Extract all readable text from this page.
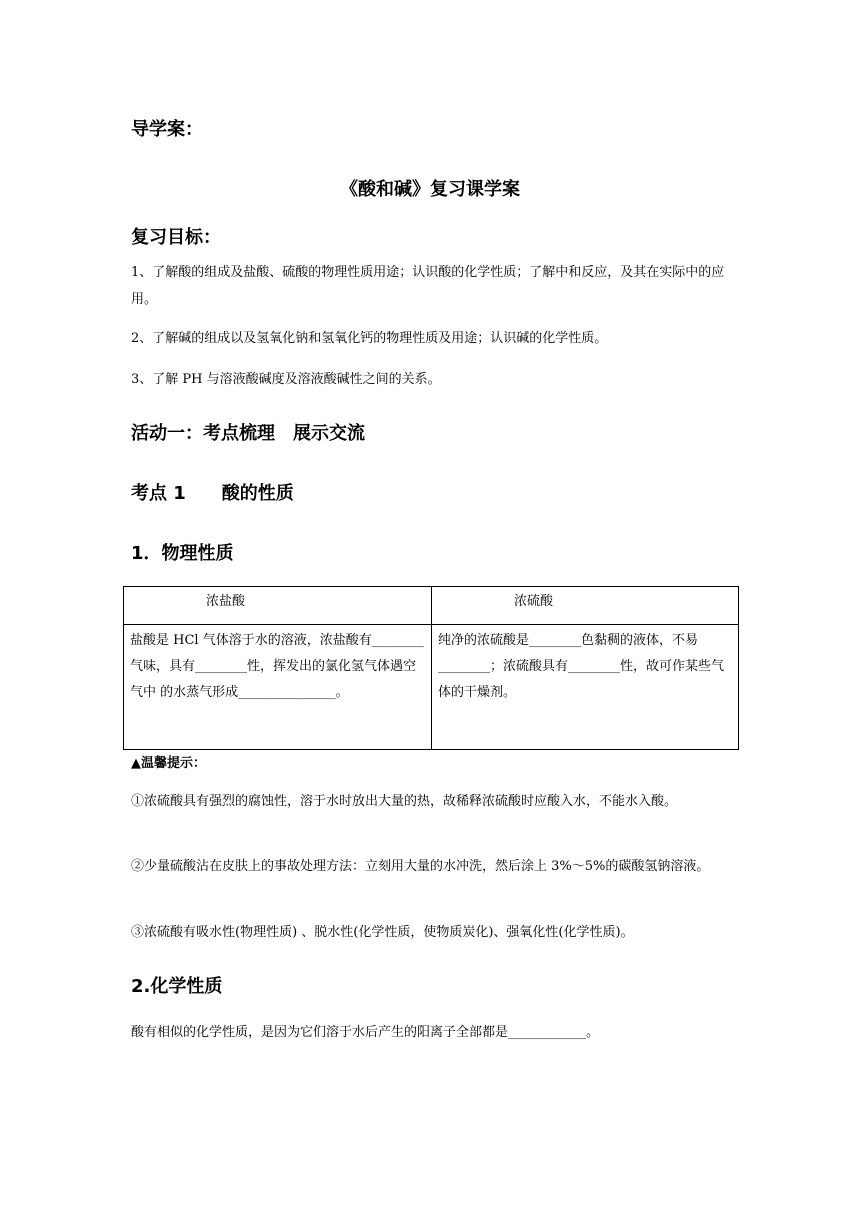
导学案：
《酸和碱》复习课学案
复习目标：
1、了解酸的组成及盐酸、硫酸的物理性质用途；认识酸的化学性质；了解中和反应，及其在实际中的应用。
2、了解碱的组成以及氢氧化钠和氢氧化钙的物理性质及用途；认识碱的化学性质。
3、了解 PH 与溶液酸碱度及溶液酸碱性之间的关系。
活动一：考点梳理　展示交流
考点 1　　酸的性质
1．物理性质
浓盐酸	浓硫酸
盐酸是 HCl 气体溶于水的溶液，浓盐酸有________气味，具有________性，挥发出的氯化氢气体遇空气中 的水蒸气形成_______________。	纯净的浓硫酸是________色黏稠的液体，不易________；浓硫酸具有________性，故可作某些气体的干燥剂。
▲温馨提示：
①浓硫酸具有强烈的腐蚀性，溶于水时放出大量的热，故稀释浓硫酸时应酸入水，不能水入酸。
②少量硫酸沾在皮肤上的事故处理方法：立刻用大量的水冲洗，然后涂上 3%～5%的碳酸氢钠溶液。
③浓硫酸有吸水性(物理性质) 、脱水性(化学性质，使物质炭化)、强氧化性(化学性质)。
2.化学性质
酸有相似的化学性质，是因为它们溶于水后产生的阳离子全部都是____________。
